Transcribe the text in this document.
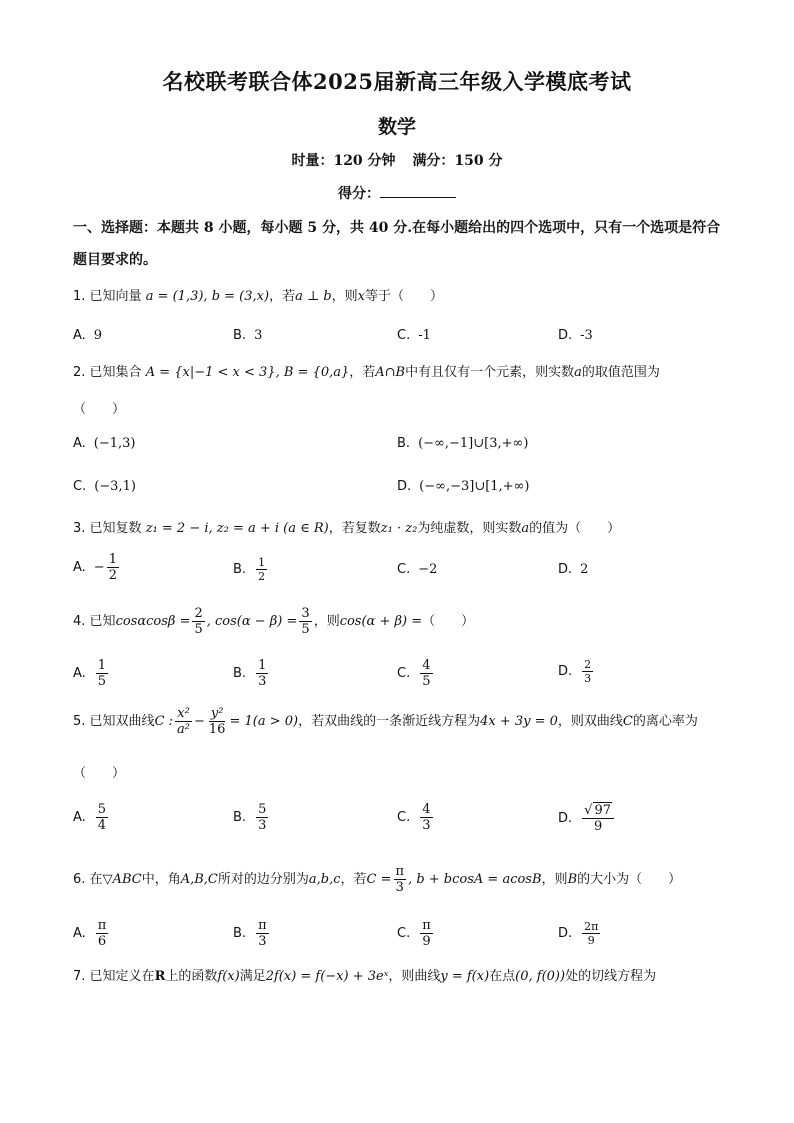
名校联考联合体2025届新高三年级入学模底考试
数学
时量：120 分钟 满分：150 分
得分：
一、选择题：本题共 8 小题，每小题 5 分，共 40 分.在每小题给出的四个选项中，只有一个选项是符合题目要求的。
1. 已知向量 a = (1,3), b = (3,x)，若a ⊥ b，则x等于（　　）
A. 9	B. 3	C. -1	D. -3
2. 已知集合 A = {x|−1 < x < 3}, B = {0,a}，若A∩B中有且仅有一个元素，则实数a的取值范围为
（　　）
A. (−1,3)	B. (−∞,−1]∪[3,+∞)
C. (−3,1)	D. (−∞,−3]∪[1,+∞)
3. 已知复数 z₁ = 2 − i, z₂ = a + i (a ∈ R)，若复数z₁ · z₂为纯虚数，则实数a的值为（　　）
A. − $\frac{1}{2}$	B. $\frac{1}{2}$	C. −2	D. 2
4.
已知 $\cos\alpha\cos\beta = \frac{2}{5}$ , $\cos(\alpha - \beta) = \frac{3}{5}$ ，则 cos(α + β) = （　　）
A. $\frac{1}{5}$	B. $\frac{1}{3}$	C. $\frac{4}{5}$	D. $\frac{2}{3}$
5.
已知双曲线 C : $\frac{\text{x²}}{\text{a²}} - \frac{\text{y²}}{16} = 1(a > 0)$ ，若双曲线的一条渐近线方程为 4x + 3y = 0 ，则双曲线 C 的离心率为
（　　）
A. $\frac{5}{4}$	B. $\frac{5}{3}$	C. $\frac{4}{3}$	D. $\frac{√ 97}{9}$
6.
在 ▽ABC 中，角 A,B,C 所对的边分别为 a,b,c ，若 $C = \frac{\pi}{3}$ , b + bcosA = acosB ，则 B 的大小为（　　）
A. $\frac{\pi}{6}$	B. $\frac{\pi}{3}$	C. $\frac{\pi}{9}$	D. $\frac{2\pi}{9}$
7. 已知定义在R上的函数f(x)满足2f(x) = f(−x) + 3eˣ，则曲线y = f(x)在点(0, f(0))处的切线方程为
